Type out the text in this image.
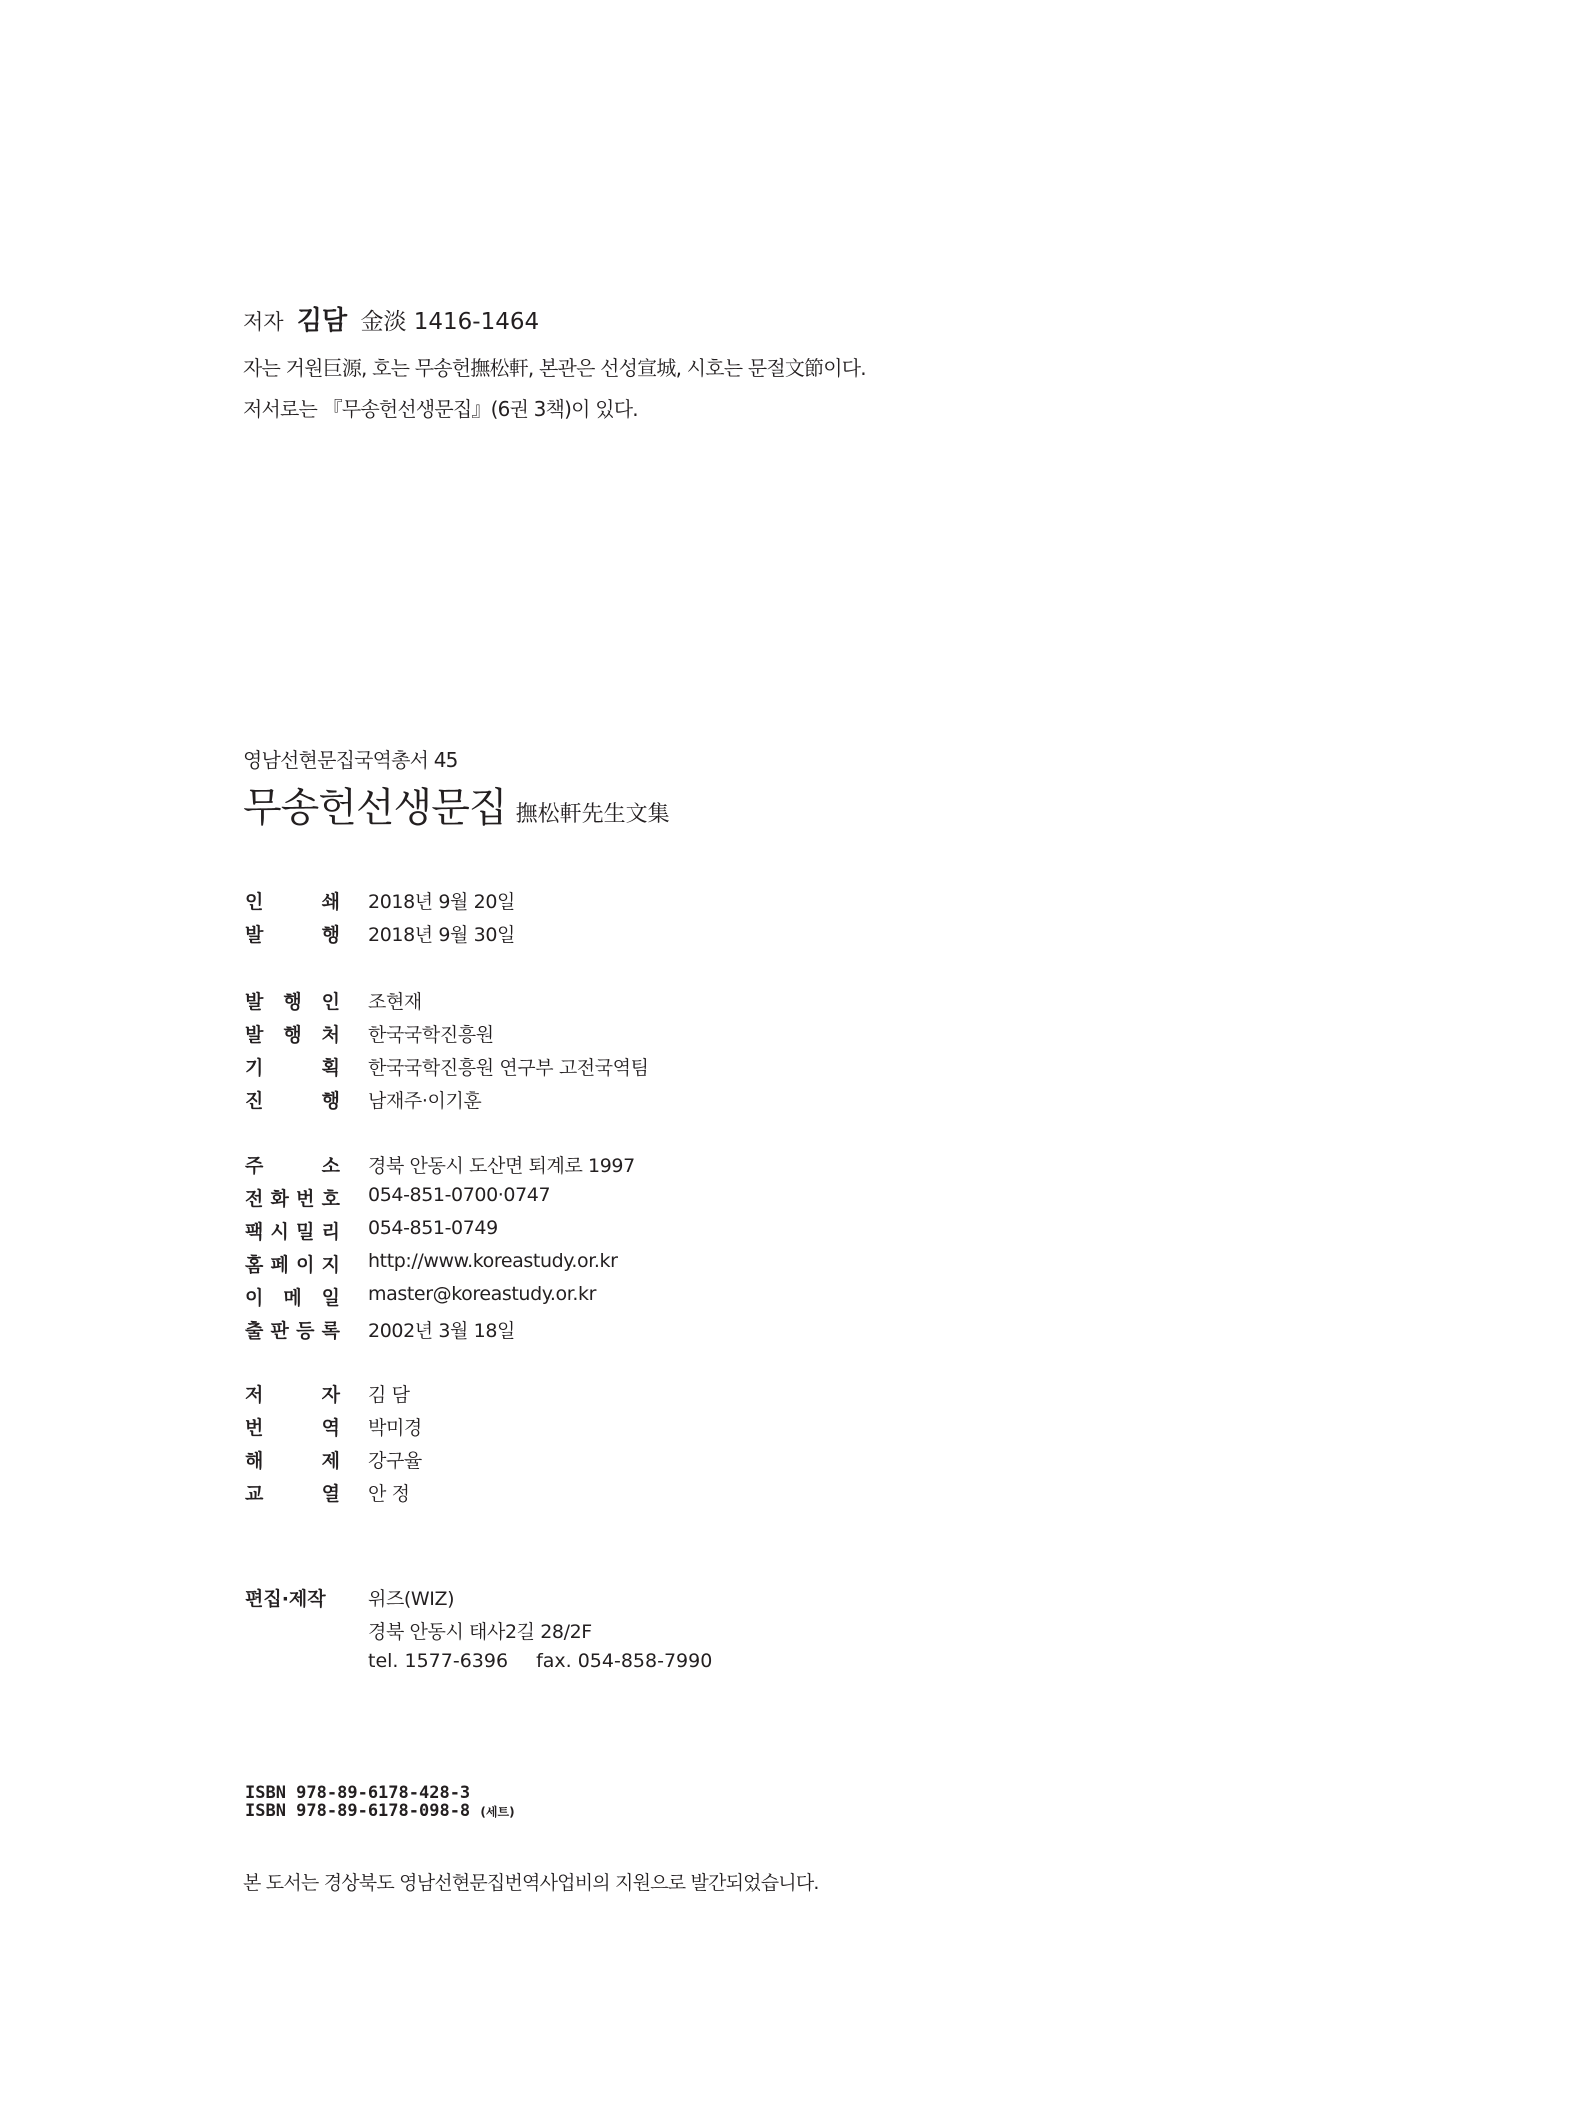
저자 김담 金淡 1416-1464
자는 거원巨源, 호는 무송헌撫松軒, 본관은 선성宣城, 시호는 문절文節이다.
저서로는 『무송헌선생문집』(6권 3책)이 있다.
영남선현문집국역총서 45
무송헌선생문집 撫松軒先生文集
인	쇄 2018년 9월 20일
발	행 2018년 9월 30일
발 행 인 조현재
발 행 처 한국국학진흥원
기	획 한국국학진흥원 연구부 고전국역팀
진	행 남재주·이기훈
주	소 경북 안동시 도산면 퇴계로 1997
전 화 번 호 054-851-0700·0747
팩 시 밀 리 054-851-0749
홈 페 이 지 http://www.koreastudy.or.kr
이 메 일 master@koreastudy.or.kr
출 판 등 록 2002년 3월 18일
저	자 김 담
번	역 박미경
해	제 강구율
교	열 안 정
편집·제작 위즈(WIZ)
경북 안동시 태사2길 28/2F
tel. 1577-6396 fax. 054-858-7990
ISBN 978-89-6178-428-3
ISBN 978-89-6178-098-8 (세트)
본 도서는 경상북도 영남선현문집번역사업비의 지원으로 발간되었습니다.
